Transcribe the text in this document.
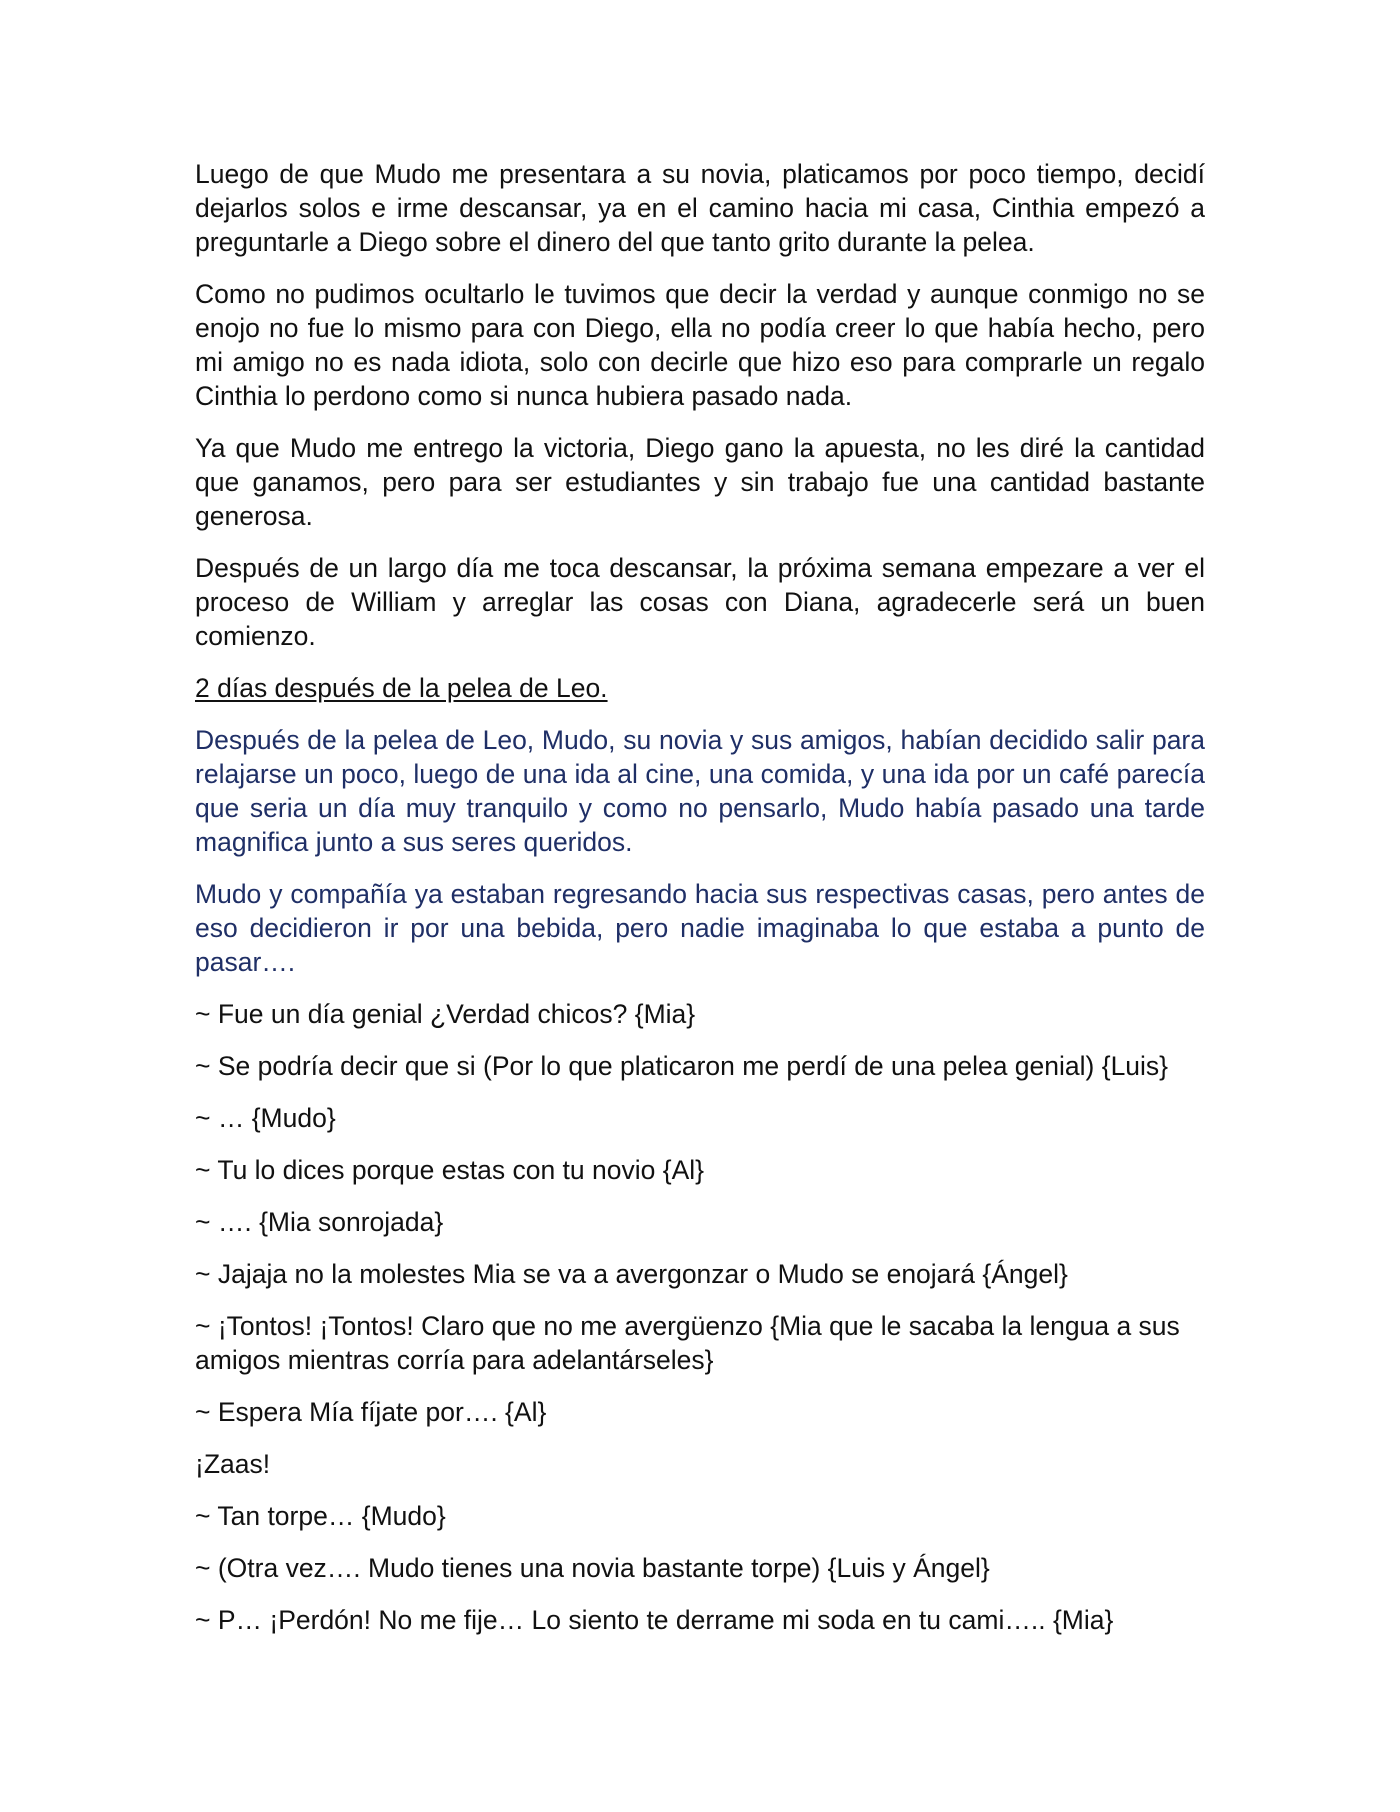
Luego de que Mudo me presentara a su novia, platicamos por poco tiempo, decidí dejarlos solos e irme descansar, ya en el camino hacia mi casa, Cinthia empezó a preguntarle a Diego sobre el dinero del que tanto grito durante la pelea.

Como no pudimos ocultarlo le tuvimos que decir la verdad y aunque conmigo no se enojo no fue lo mismo para con Diego, ella no podía creer lo que había hecho, pero mi amigo no es nada idiota, solo con decirle que hizo eso para comprarle un regalo Cinthia lo perdono como si nunca hubiera pasado nada.

Ya que Mudo me entrego la victoria, Diego gano la apuesta, no les diré la cantidad que ganamos, pero para ser estudiantes y sin trabajo fue una cantidad bastante generosa.

Después de un largo día me toca descansar, la próxima semana empezare a ver el proceso de William y arreglar las cosas con Diana, agradecerle será un buen comienzo.

2 días después de la pelea de Leo.

Después de la pelea de Leo, Mudo, su novia y sus amigos, habían decidido salir para relajarse un poco, luego de una ida al cine, una comida, y una ida por un café parecía que seria un día muy tranquilo y como no pensarlo, Mudo había pasado una tarde magnifica junto a sus seres queridos.

Mudo y compañía ya estaban regresando hacia sus respectivas casas, pero antes de eso decidieron ir por una bebida, pero nadie imaginaba lo que estaba a punto de pasar….

~ Fue un día genial ¿Verdad chicos? {Mia}

~ Se podría decir que si (Por lo que platicaron me perdí de una pelea genial) {Luis}

~ … {Mudo}

~ Tu lo dices porque estas con tu novio {Al}

~ …. {Mia sonrojada}

~ Jajaja no la molestes Mia se va a avergonzar o Mudo se enojará {Ángel}

~ ¡Tontos! ¡Tontos! Claro que no me avergüenzo {Mia que le sacaba la lengua a sus amigos mientras corría para adelantárseles}

~ Espera Mía fíjate por…. {Al}

¡Zaas!

~ Tan torpe… {Mudo}

~ (Otra vez…. Mudo tienes una novia bastante torpe) {Luis y Ángel}

~ P… ¡Perdón! No me fije… Lo siento te derrame mi soda en tu cami….. {Mia}
